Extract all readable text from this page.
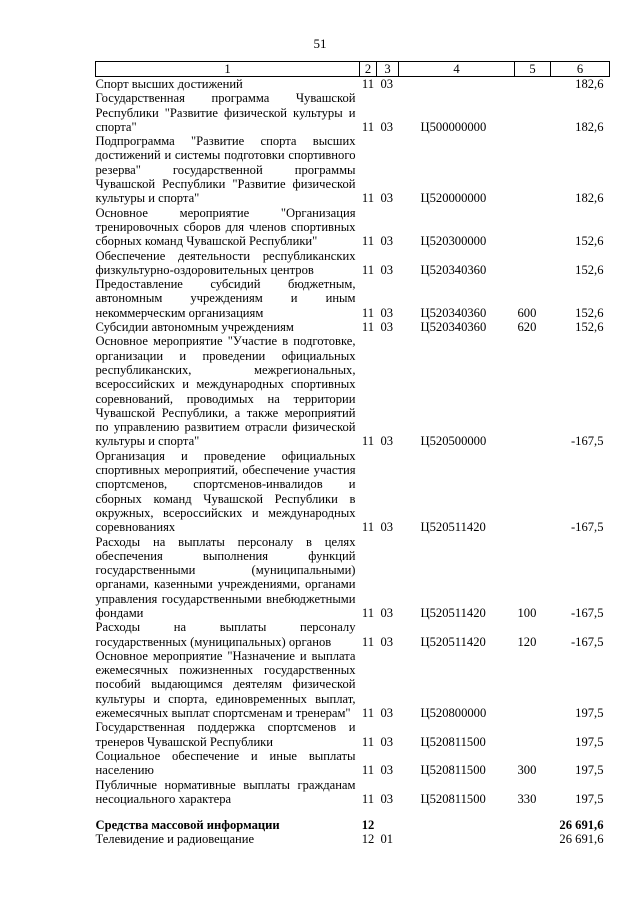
51
1	2	3	4	5	6
Спорт высших достижений	11	03			182,6
Государственная программа Чувашской Республики "Развитие физической культуры и спорта"	11	03	Ц500000000		182,6
Подпрограмма "Развитие спорта высших достижений и системы подготовки спортивного резерва" государственной программы Чувашской Республики "Развитие физической культуры и спорта"	11	03	Ц520000000		182,6
Основное мероприятие "Организация тренировочных сборов для членов спортивных сборных команд Чувашской Республики"	11	03	Ц520300000		152,6
Обеспечение деятельности республиканских физкультурно-оздоровительных центров	11	03	Ц520340360		152,6
Предоставление субсидий бюджетным, автономным учреждениям и иным некоммерческим организациям	11	03	Ц520340360	600	152,6
Субсидии автономным учреждениям	11	03	Ц520340360	620	152,6
Основное мероприятие "Участие в подготовке, организации и проведении официальных республиканских, межрегиональных, всероссийских и международных спортивных соревнований, проводимых на территории Чувашской Республики, а также мероприятий по управлению развитием отрасли физической культуры и спорта"	11	03	Ц520500000		-167,5
Организация и проведение официальных спортивных мероприятий, обеспечение участия спортсменов, спортсменов-инвалидов и сборных команд Чувашской Республики в окружных, всероссийских и международных соревнованиях	11	03	Ц520511420		-167,5
Расходы на выплаты персоналу в целях обеспечения выполнения функций государственными (муниципальными) органами, казенными учреждениями, органами управления государственными внебюджетными фондами	11	03	Ц520511420	100	-167,5
Расходы на выплаты персоналу государственных (муниципальных) органов	11	03	Ц520511420	120	-167,5
Основное мероприятие "Назначение и выплата ежемесячных пожизненных государственных пособий выдающимся деятелям физической культуры и спорта, единовременных выплат, ежемесячных выплат спортсменам и тренерам"	11	03	Ц520800000		197,5
Государственная поддержка спортсменов и тренеров Чувашской Республики	11	03	Ц520811500		197,5
Социальное обеспечение и иные выплаты населению	11	03	Ц520811500	300	197,5
Публичные нормативные выплаты гражданам несоциального характера	11	03	Ц520811500	330	197,5

Средства массовой информации	12				26 691,6
Телевидение и радиовещание	12	01			26 691,6
